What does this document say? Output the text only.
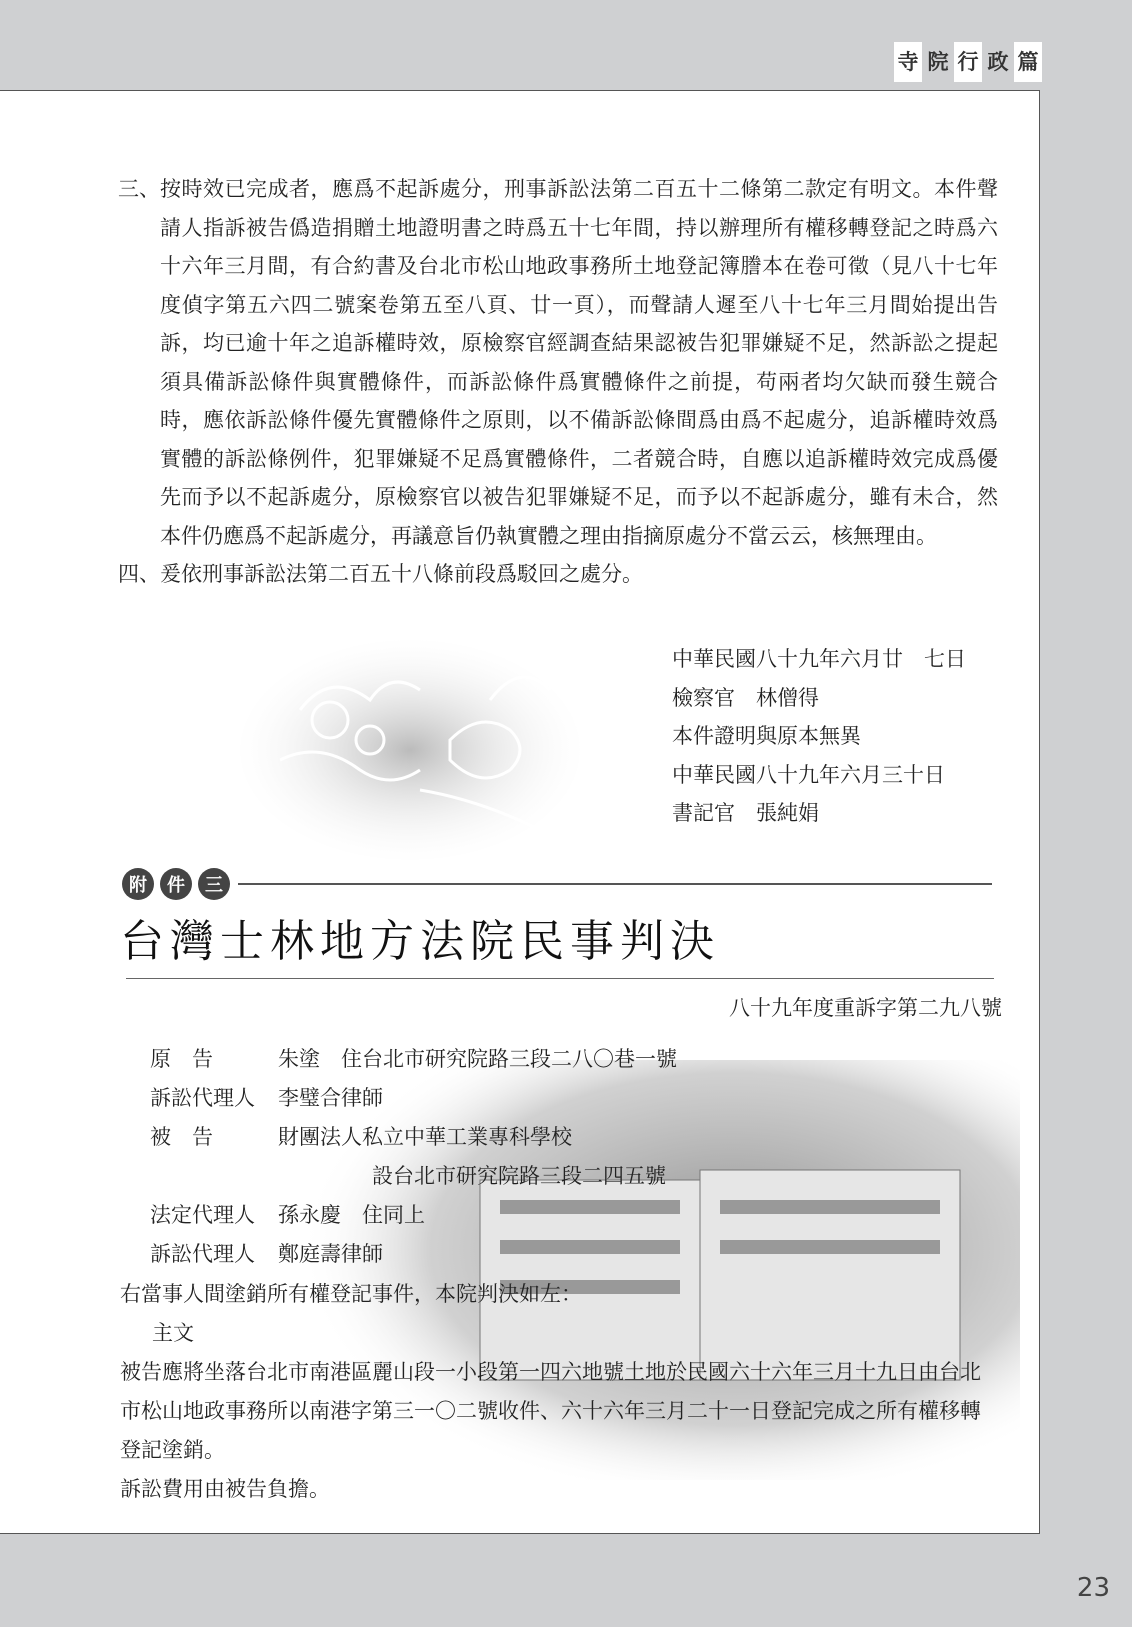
寺 院 行 政 篇
三、 按時效已完成者，應爲不起訴處分，刑事訴訟法第二百五十二條第二款定有明文。本件聲請人指訴被告僞造捐贈土地證明書之時爲五十七年間，持以辦理所有權移轉登記之時爲六十六年三月間，有合約書及台北市松山地政事務所土地登記簿謄本在卷可徵（見八十七年度偵字第五六四二號案卷第五至八頁、廿一頁），而聲請人遲至八十七年三月間始提出告訴，均已逾十年之追訴權時效，原檢察官經調查結果認被告犯罪嫌疑不足，然訴訟之提起須具備訴訟條件與實體條件，而訴訟條件爲實體條件之前提，苟兩者均欠缺而發生競合時，應依訴訟條件優先實體條件之原則，以不備訴訟條間爲由爲不起處分，追訴權時效爲實體的訴訟條例件，犯罪嫌疑不足爲實體條件，二者競合時，自應以追訴權時效完成爲優先而予以不起訴處分，原檢察官以被告犯罪嫌疑不足，而予以不起訴處分，雖有未合，然本件仍應爲不起訴處分，再議意旨仍執實體之理由指摘原處分不當云云，核無理由。
四、 爰依刑事訴訟法第二百五十八條前段爲駁回之處分。
中華民國八十九年六月廿　七日
檢察官　林僧得
本件證明與原本無異
中華民國八十九年六月三十日
書記官　張純娟
附	件	三
台灣士林地方法院民事判決
八十九年度重訴字第二九八號
原　告	朱塗　住台北市研究院路三段二八〇巷一號
訴訟代理人	李璧合律師
被　告	財團法人私立中華工業專科學校
設台北市研究院路三段二四五號
法定代理人	孫永慶　住同上
訴訟代理人	鄭庭壽律師
右當事人間塗銷所有權登記事件，本院判決如左：
主文
被告應將坐落台北市南港區麗山段一小段第一四六地號土地於民國六十六年三月十九日由台北市松山地政事務所以南港字第三一〇二號收件、六十六年三月二十一日登記完成之所有權移轉登記塗銷。
訴訟費用由被告負擔。
23
